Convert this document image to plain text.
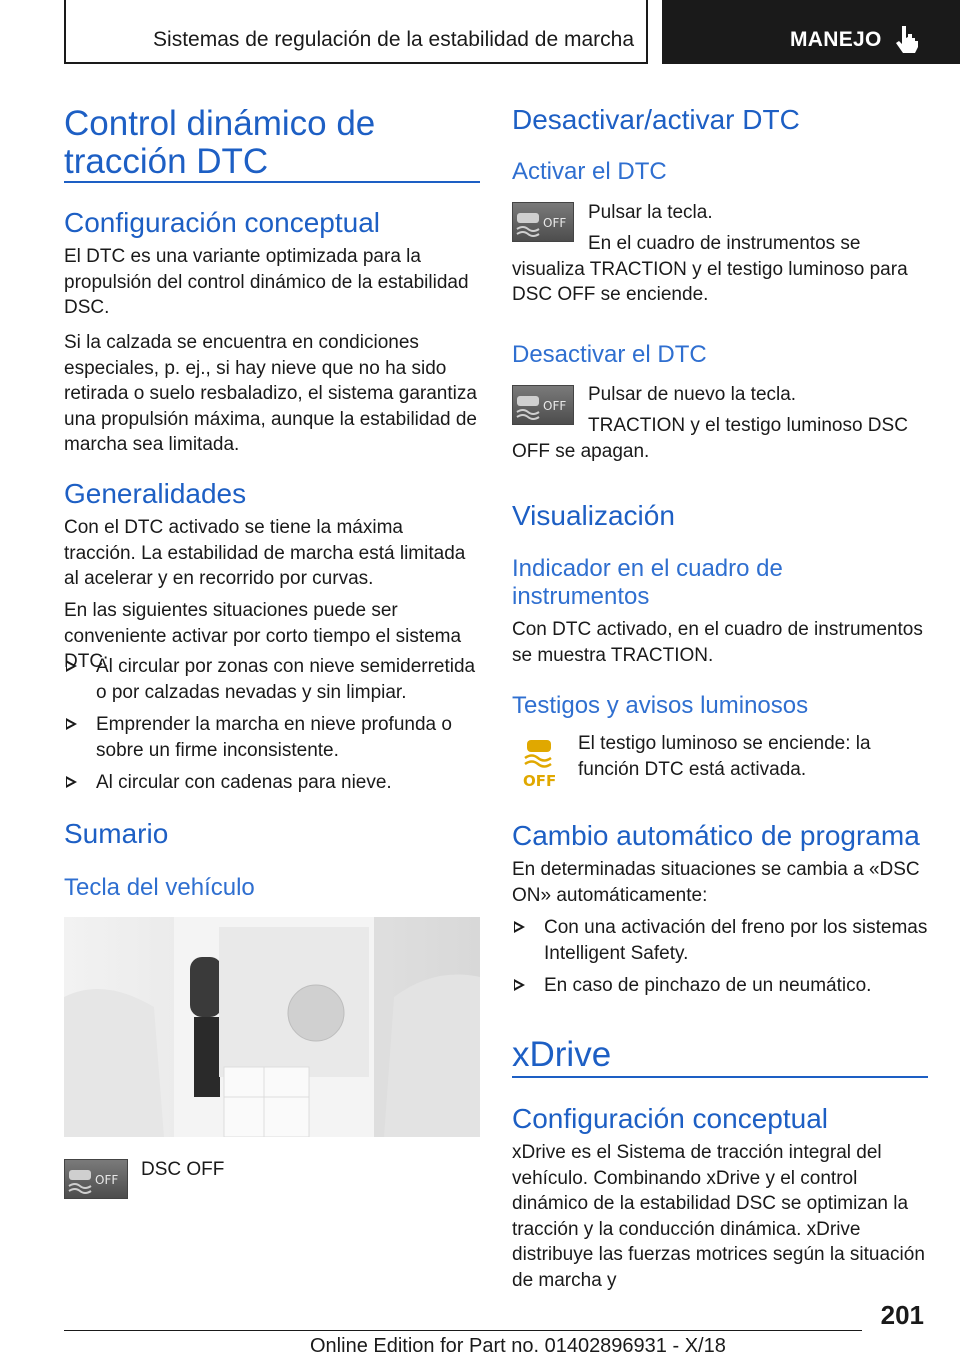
Sistemas de regulación de la estabilidad de marcha	MANEJO
Control dinámico de tracción DTC
Configuración conceptual

El DTC es una variante optimizada para la propulsión del control dinámico de la estabilidad DSC.

Si la calzada se encuentra en condiciones especiales, p. ej., si hay nieve que no ha sido retirada o suelo resbaladizo, el sistema garantiza una propulsión máxima, aunque la estabilidad de marcha sea limitada.

Generalidades

Con el DTC activado se tiene la máxima tracción. La estabilidad de marcha está limitada al acelerar y en recorrido por curvas.

En las siguientes situaciones puede ser conveniente activar por corto tiempo el sistema DTC:

Al circular por zonas con nieve semiderretida o por calzadas nevadas y sin limpiar.
Emprender la marcha en nieve profunda o sobre un firme inconsistente.
Al circular con cadenas para nieve.
Sumario
Tecla del vehículo
OFF DSC OFF
Desactivar/activar DTC
Activar el DTC
OFF Pulsar la tecla.

En el cuadro de instrumentos se visualiza TRACTION y el testigo luminoso para DSC OFF se enciende.

Desactivar el DTC
OFF

Pulsar de nuevo la tecla.

TRACTION y el testigo luminoso DSC OFF se apagan.

Visualización
Indicador en el cuadro de instrumentos

Con DTC activado, en el cuadro de instrumentos se muestra TRACTION.

Testigos y avisos luminosos
OFF

El testigo luminoso se enciende: la función DTC está activada.

Cambio automático de programa

En determinadas situaciones se cambia a «DSC ON» automáticamente:

Con una activación del freno por los sistemas Intelligent Safety.
En caso de pinchazo de un neumático.
xDrive
Configuración conceptual

xDrive es el Sistema de tracción integral del vehículo. Combinando xDrive y el control dinámico de la estabilidad DSC se optimizan la tracción y la conducción dinámica. xDrive distribuye las fuerzas motrices según la situación de marcha y

201
Online Edition for Part no. 01402896931 - X/18
